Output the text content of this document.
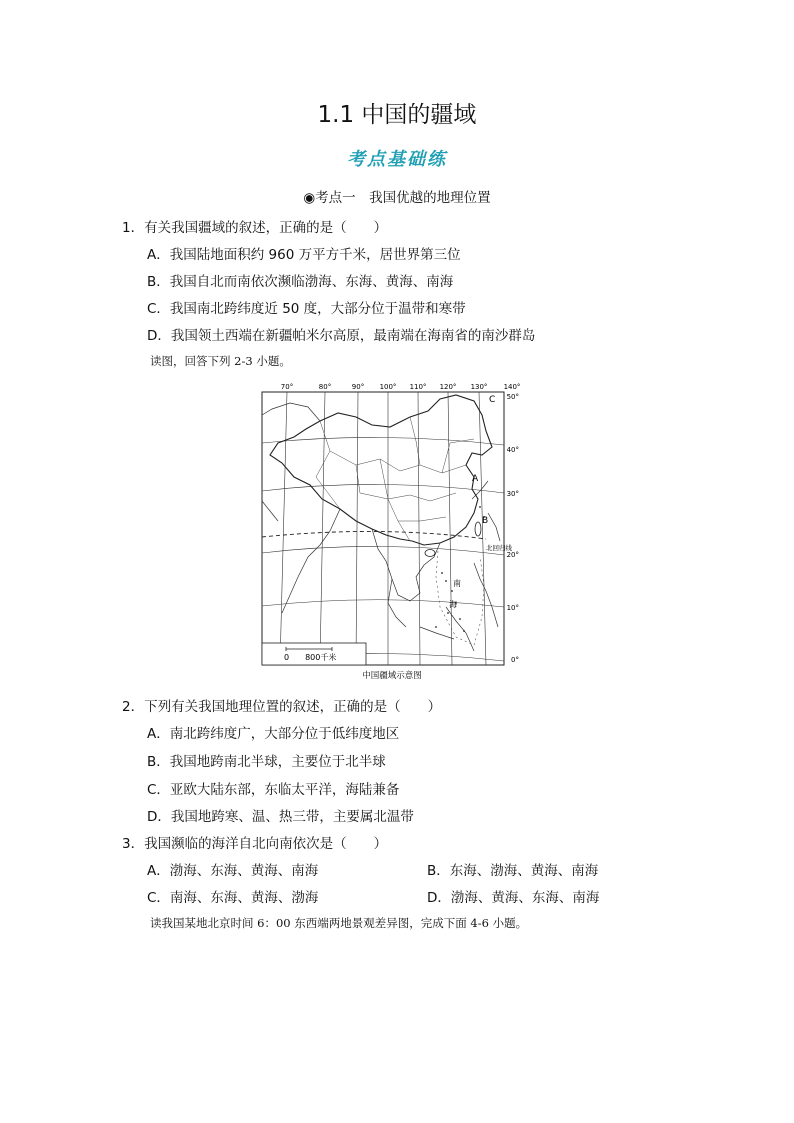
1.1 中国的疆域
考点基础练
◉考点一　我国优越的地理位置
1．有关我国疆域的叙述，正确的是（　　）
A．我国陆地面积约 960 万平方千米，居世界第三位
B．我国自北而南依次濒临渤海、东海、黄海、南海
C．我国南北跨纬度近 50 度，大部分位于温带和寒带
D．我国领土西端在新疆帕米尔高原，最南端在海南省的南沙群岛
读图，回答下列 2-3 小题。
70°	80°	90° 100° 110° 120° 130° 140°
50°
40°
30°
20°
10°
0°
北回归线
A
B
C
南
海
0　　800千米
中国疆域示意图
2．下列有关我国地理位置的叙述，正确的是（　　）
A．南北跨纬度广，大部分位于低纬度地区
B．我国地跨南北半球，主要位于北半球
C．亚欧大陆东部，东临太平洋，海陆兼备
D．我国地跨寒、温、热三带，主要属北温带
3．我国濒临的海洋自北向南依次是（　　）
A．渤海、东海、黄海、南海	B．东海、渤海、黄海、南海
C．南海、东海、黄海、渤海	D．渤海、黄海、东海、南海
读我国某地北京时间 6：00 东西端两地景观差异图，完成下面 4-6 小题。
